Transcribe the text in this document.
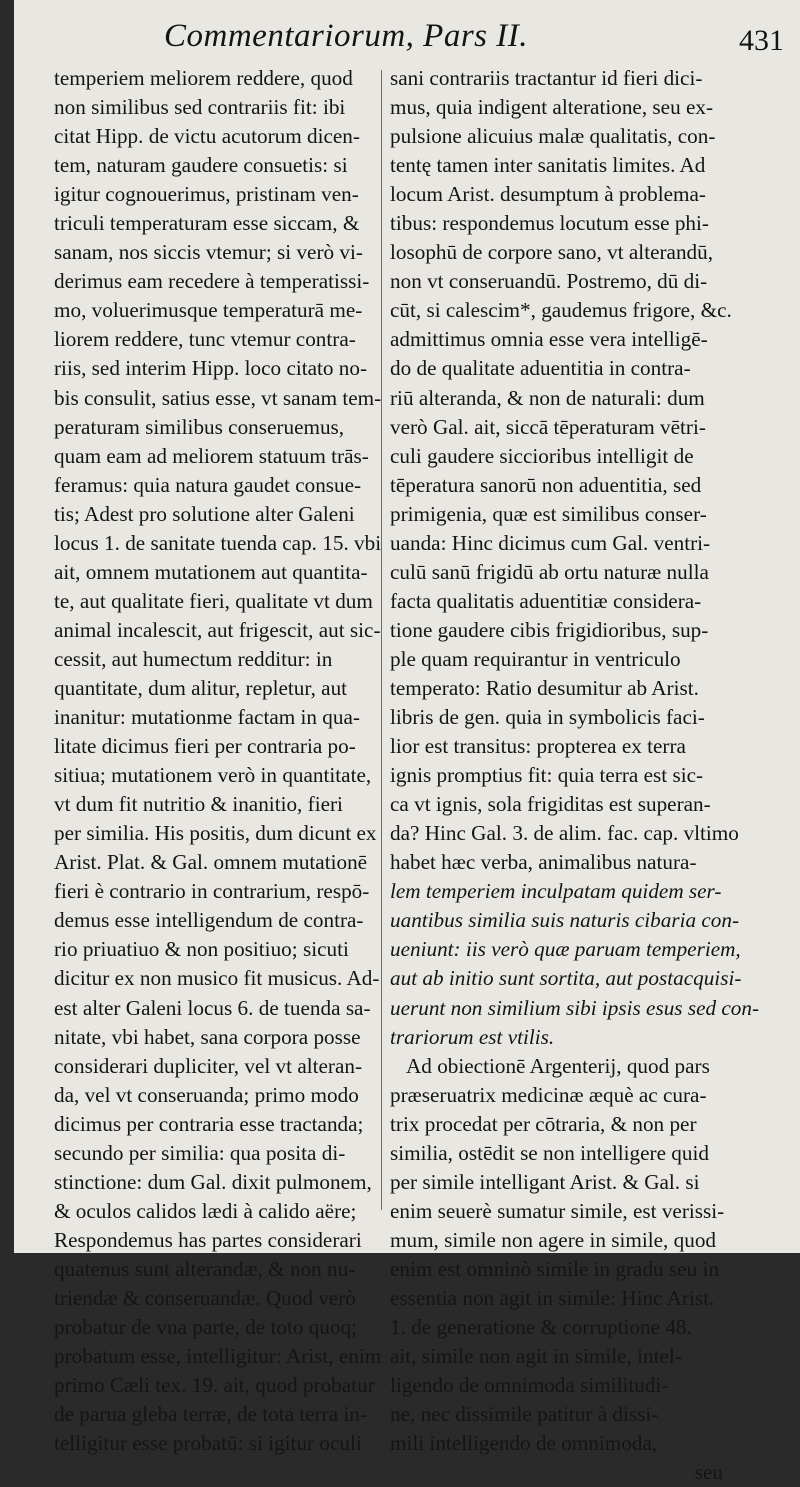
Commentariorum, Pars II.	431
temperiem meliorem reddere, quod
non similibus sed contrariis fit: ibi
citat Hipp. de victu acutorum dicen-
tem, naturam gaudere consuetis: si
igitur cognouerimus, pristinam ven-
triculi temperaturam esse siccam, &
sanam, nos siccis vtemur; si verò vi-
derimus eam recedere à temperatissi-
mo, voluerimusque temperaturā me-
liorem reddere, tunc vtemur contra-
riis, sed interim Hipp. loco citato no-
bis consulit, satius esse, vt sanam tem-
peraturam similibus conseruemus,
quam eam ad meliorem statuum trās-
feramus: quia natura gaudet consue-
tis; Adest pro solutione alter Galeni
locus 1. de sanitate tuenda cap. 15. vbi
ait, omnem mutationem aut quantita-
te, aut qualitate fieri, qualitate vt dum
animal incalescit, aut frigescit, aut sic-
cessit, aut humectum redditur: in
quantitate, dum alitur, repletur, aut
inanitur: mutationme factam in qua-
litate dicimus fieri per contraria po-
sitiua; mutationem verò in quantitate,
vt dum fit nutritio & inanitio, fieri
per similia. His positis, dum dicunt ex
Arist. Plat. & Gal. omnem mutationē
fieri è contrario in contrarium, respō-
demus esse intelligendum de contra-
rio priuatiuo & non positiuo; sicuti
dicitur ex non musico fit musicus. Ad-
est alter Galeni locus 6. de tuenda sa-
nitate, vbi habet, sana corpora posse
considerari dupliciter, vel vt alteran-
da, vel vt conseruanda; primo modo
dicimus per contraria esse tractanda;
secundo per similia: qua posita di-
stinctione: dum Gal. dixit pulmonem,
& oculos calidos lædi à calido aëre;
Respondemus has partes considerari
quatenus sunt alterandæ, & non nu-
triendæ & conseruandæ. Quod verò
probatur de vna parte, de toto quoq;
probatum esse, intelligitur: Arist, enim
primo Cæli tex. 19. ait, quod probatur
de parua gleba terræ, de tota terra in-
telligitur esse probatū: si igitur oculi
sani contrariis tractantur id fieri dici-
mus, quia indigent alteratione, seu ex-
pulsione alicuius malæ qualitatis, con-
tentę tamen inter sanitatis limites. Ad
locum Arist. desumptum à problema-
tibus: respondemus locutum esse phi-
losophū de corpore sano, vt alterandū,
non vt conseruandū. Postremo, dū di-
cūt, si calescim*, gaudemus frigore, &c.
admittimus omnia esse vera intelligē-
do de qualitate aduentitia in contra-
riū alteranda, & non de naturali: dum
verò Gal. ait, siccā tēperaturam vētri-
culi gaudere siccioribus intelligit de
tēperatura sanorū non aduentitia, sed
primigenia, quæ est similibus conser-
uanda: Hinc dicimus cum Gal. ventri-
culū sanū frigidū ab ortu naturæ nulla
facta qualitatis aduentitiæ considera-
tione gaudere cibis frigidioribus, sup-
ple quam requirantur in ventriculo
temperato: Ratio desumitur ab Arist.
libris de gen. quia in symbolicis faci-
lior est transitus: propterea ex terra
ignis promptius fit: quia terra est sic-
ca vt ignis, sola frigiditas est superan-
da? Hinc Gal. 3. de alim. fac. cap. vltimo
habet hæc verba, animalibus natura-
lem temperiem inculpatam quidem ser-
uantibus similia suis naturis cibaria con-
ueniunt: iis verò quæ paruam temperiem,
aut ab initio sunt sortita, aut postacquisi-
uerunt non similium sibi ipsis esus sed con-
trariorum est vtilis.
Ad obiectionē Argenterij, quod pars
præseruatrix medicinæ æquè ac cura-
trix procedat per cōtraria, & non per
similia, ostēdit se non intelligere quid
per simile intelligant Arist. & Gal. si
enim seuerè sumatur simile, est verissi-
mum, simile non agere in simile, quod
enim est omninò simile in gradu seu in
essentia non agit in simile: Hinc Arist.
1. de generatione & corruptione 48.
ait, simile non agit in simile, intel-
ligendo de omnimoda similitudi-
ne, nec dissimile patitur à dissi-
mili intelligendo de omnimoda,
seu
